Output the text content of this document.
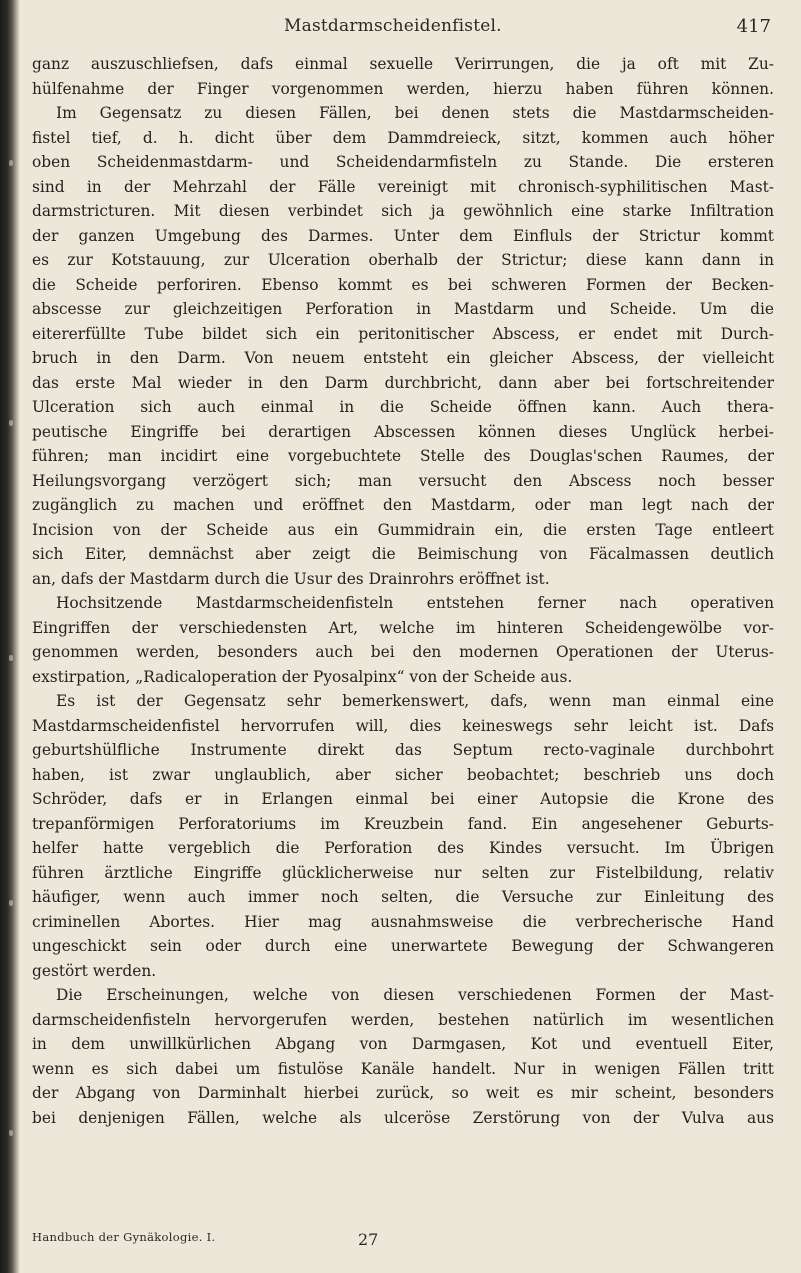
Mastdarmscheidenfistel.	417
ganz auszuschliefsen, dafs einmal sexuelle Verirrungen, die ja oft mit Zu-
hülfenahme der Finger vorgenommen werden, hierzu haben führen können.
Im Gegensatz zu diesen Fällen, bei denen stets die Mastdarmscheiden-
fistel tief, d. h. dicht über dem Dammdreieck, sitzt, kommen auch höher
oben Scheidenmastdarm- und Scheidendarmfisteln zu Stande. Die ersteren
sind in der Mehrzahl der Fälle vereinigt mit chronisch-syphilitischen Mast-
darmstricturen. Mit diesen verbindet sich ja gewöhnlich eine starke Infiltration
der ganzen Umgebung des Darmes. Unter dem Einfluls der Strictur kommt
es zur Kotstauung, zur Ulceration oberhalb der Strictur; diese kann dann in
die Scheide perforiren. Ebenso kommt es bei schweren Formen der Becken-
abscesse zur gleichzeitigen Perforation in Mastdarm und Scheide. Um die
eitererfüllte Tube bildet sich ein peritonitischer Abscess, er endet mit Durch-
bruch in den Darm. Von neuem entsteht ein gleicher Abscess, der vielleicht
das erste Mal wieder in den Darm durchbricht, dann aber bei fortschreitender
Ulceration sich auch einmal in die Scheide öffnen kann. Auch thera-
peutische Eingriffe bei derartigen Abscessen können dieses Unglück herbei-
führen; man incidirt eine vorgebuchtete Stelle des Douglas'schen Raumes, der
Heilungsvorgang verzögert sich; man versucht den Abscess noch besser
zugänglich zu machen und eröffnet den Mastdarm, oder man legt nach der
Incision von der Scheide aus ein Gummidrain ein, die ersten Tage entleert
sich Eiter, demnächst aber zeigt die Beimischung von Fäcalmassen deutlich
an, dafs der Mastdarm durch die Usur des Drainrohrs eröffnet ist.
Hochsitzende Mastdarmscheidenfisteln entstehen ferner nach operativen
Eingriffen der verschiedensten Art, welche im hinteren Scheidengewölbe vor-
genommen werden, besonders auch bei den modernen Operationen der Uterus-
exstirpation, „Radicaloperation der Pyosalpinx“ von der Scheide aus.
Es ist der Gegensatz sehr bemerkenswert, dafs, wenn man einmal eine
Mastdarmscheidenfistel hervorrufen will, dies keineswegs sehr leicht ist. Dafs
geburtshülfliche Instrumente direkt das Septum recto-vaginale durchbohrt
haben, ist zwar unglaublich, aber sicher beobachtet; beschrieb uns doch
Schröder, dafs er in Erlangen einmal bei einer Autopsie die Krone des
trepanförmigen Perforatoriums im Kreuzbein fand. Ein angesehener Geburts-
helfer hatte vergeblich die Perforation des Kindes versucht. Im Übrigen
führen ärztliche Eingriffe glücklicherweise nur selten zur Fistelbildung, relativ
häufiger, wenn auch immer noch selten, die Versuche zur Einleitung des
criminellen Abortes. Hier mag ausnahmsweise die verbrecherische Hand
ungeschickt sein oder durch eine unerwartete Bewegung der Schwangeren
gestört werden.
Die Erscheinungen, welche von diesen verschiedenen Formen der Mast-
darmscheidenfisteln hervorgerufen werden, bestehen natürlich im wesentlichen
in dem unwillkürlichen Abgang von Darmgasen, Kot und eventuell Eiter,
wenn es sich dabei um fistulöse Kanäle handelt. Nur in wenigen Fällen tritt
der Abgang von Darminhalt hierbei zurück, so weit es mir scheint, besonders
bei denjenigen Fällen, welche als ulceröse Zerstörung von der Vulva aus
Handbuch der Gynäkologie. I.	27
